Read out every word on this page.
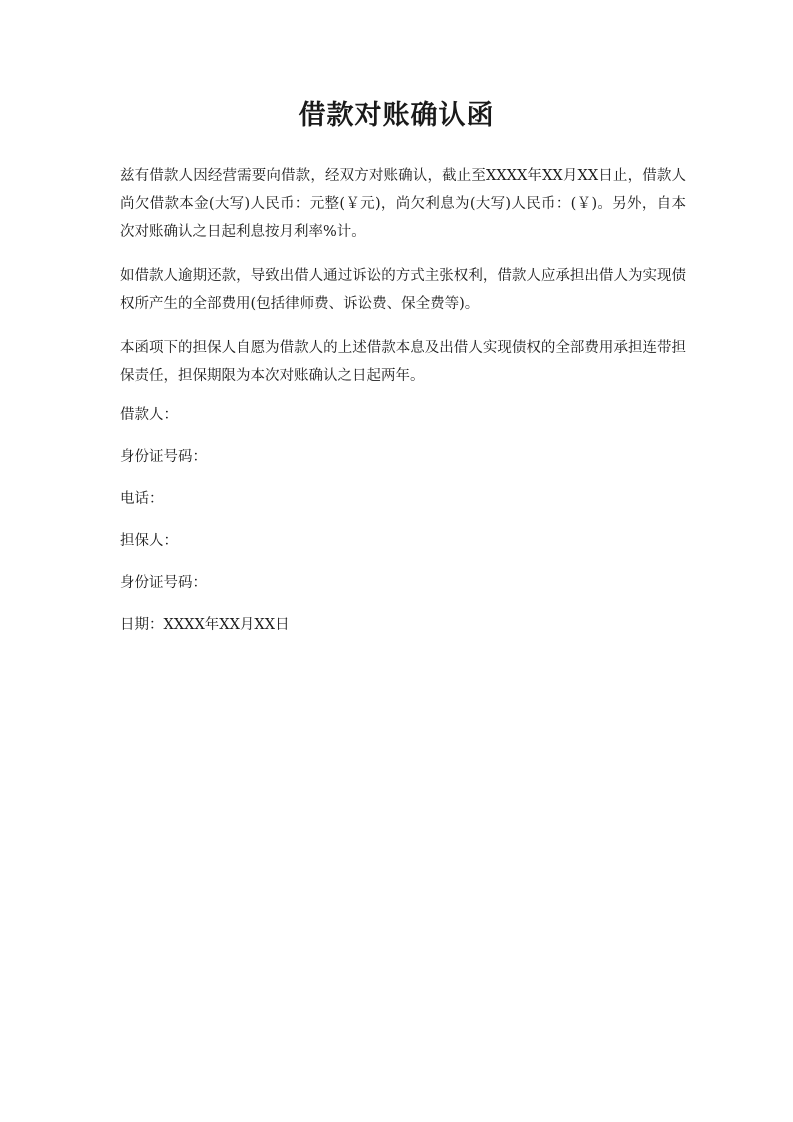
借款对账确认函

兹有借款人因经营需要向借款，经双方对账确认，截止至XXXX年XX月XX日止，借款人尚欠借款本金(大写)人民币：元整(￥元)，尚欠利息为(大写)人民币：(￥)。另外，自本次对账确认之日起利息按月利率%计。

如借款人逾期还款，导致出借人通过诉讼的方式主张权利，借款人应承担出借人为实现债权所产生的全部费用(包括律师费、诉讼费、保全费等)。

本函项下的担保人自愿为借款人的上述借款本息及出借人实现债权的全部费用承担连带担保责任，担保期限为本次对账确认之日起两年。

借款人：

身份证号码：

电话：

担保人：

身份证号码：

日期：XXXX年XX月XX日
